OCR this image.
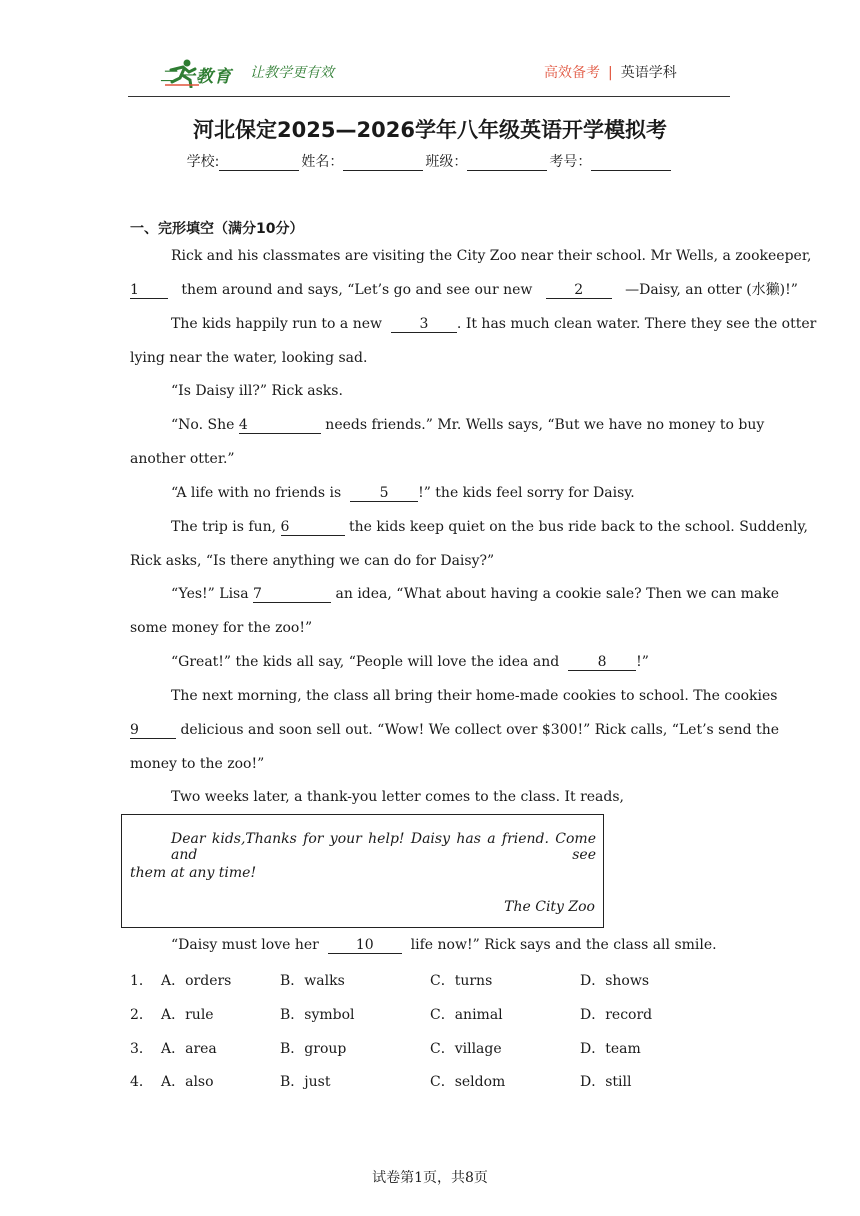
二一教育 让教学更有效	高效备考 | 英语学科
河北保定2025—2026学年八年级英语开学模拟考
学校:	姓名：	班级：	考号：
一、完形填空（满分10分）
Rick and his classmates are visiting the City Zoo near their school. Mr Wells, a zookeeper,
1	them around and says, “Let’s go and see our new	2	—Daisy, an otter (水獭)!”
The kids happily run to a new	3 . It has much clean water. There they see the otter
lying near the water, looking sad.
“Is Daisy ill?” Rick asks.
“No. She 4	needs friends.” Mr. Wells says, “But we have no money to buy
another otter.”
“A life with no friends is	5 !” the kids feel sorry for Daisy.
The trip is fun, 6	the kids keep quiet on the bus ride back to the school. Suddenly,
Rick asks, “Is there anything we can do for Daisy?”
“Yes!” Lisa 7	an idea, “What about having a cookie sale? Then we can make
some money for the zoo!”
“Great!” the kids all say, “People will love the idea and	8 !”
The next morning, the class all bring their home-made cookies to school. The cookies
9	delicious and soon sell out. “Wow! We collect over $300!” Rick calls, “Let’s send the
money to the zoo!”
Two weeks later, a thank-you letter comes to the class. It reads,
Dear kids,Thanks for your help! Daisy has a friend. Come and see
them at any time!
The City Zoo
“Daisy must love her	10	life now!” Rick says and the class all smile.
1． A．orders	B．walks	C．turns	D．shows
2． A．rule	B．symbol	C．animal	D．record
3． A．area	B．group	C．village	D．team
4． A．also	B．just	C．seldom	D．still
试卷第1页，共8页
